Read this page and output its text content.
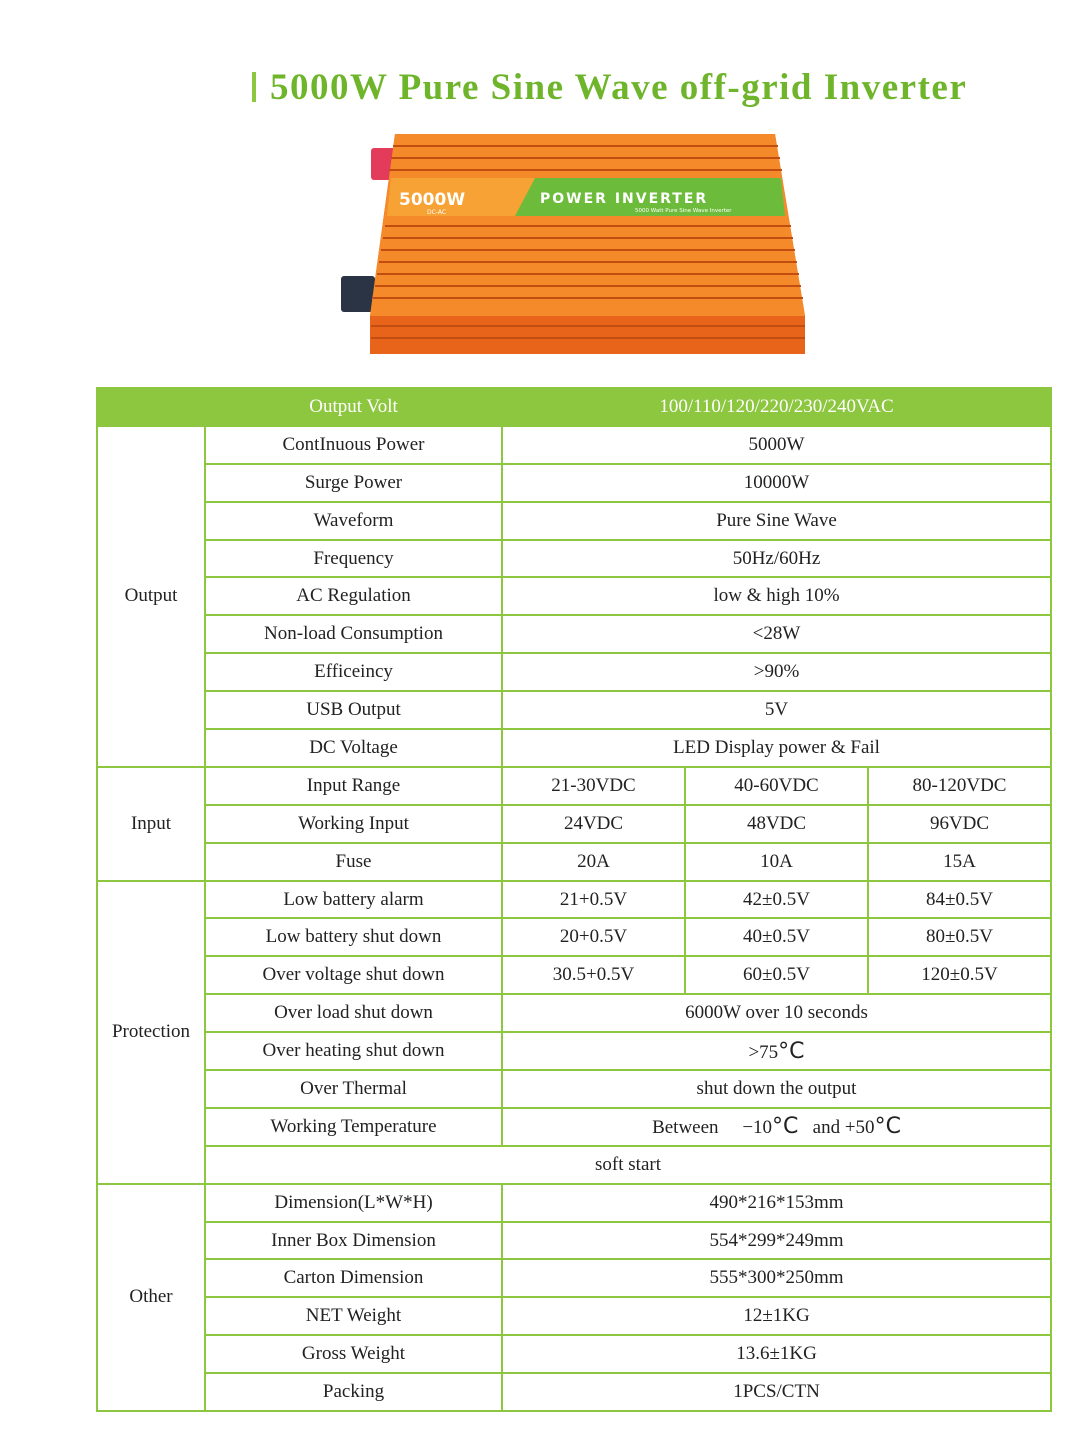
5000W Pure Sine Wave off-grid Inverter
5000W
DC-AC
POWER INVERTER
5000 Watt Pure Sine Wave Inverter
	Output Volt	100/110/120/220/230/240VAC		
Output	ContInuous Power	5000W		
	Surge Power	10000W		
	Waveform	Pure Sine Wave		
	Frequency	50Hz/60Hz		
	AC Regulation	low & high 10%		
	Non-load Consumption	<28W		
	Efficeincy	>90%		
	USB Output	5V		
	DC Voltage	LED Display power & Fail		
Input	Input Range	21-30VDC	40-60VDC	80-120VDC
	Working Input	24VDC	48VDC	96VDC
	Fuse	20A	10A	15A
Protection	Low battery alarm	21+0.5V	42±0.5V	84±0.5V
	Low battery shut down	20+0.5V	40±0.5V	80±0.5V
	Over voltage shut down	30.5+0.5V	60±0.5V	120±0.5V
	Over load shut down	6000W over 10 seconds		
	Over heating shut down	>75°C		
	Over Thermal	shut down the output		
	Working Temperature	Between −10°C and +50°C		
	soft start			
Other	Dimension(L*W*H)	490*216*153mm		
	Inner Box Dimension	554*299*249mm		
	Carton Dimension	555*300*250mm		
	NET Weight	12±1KG		
	Gross Weight	13.6±1KG		
	Packing	1PCS/CTN		
